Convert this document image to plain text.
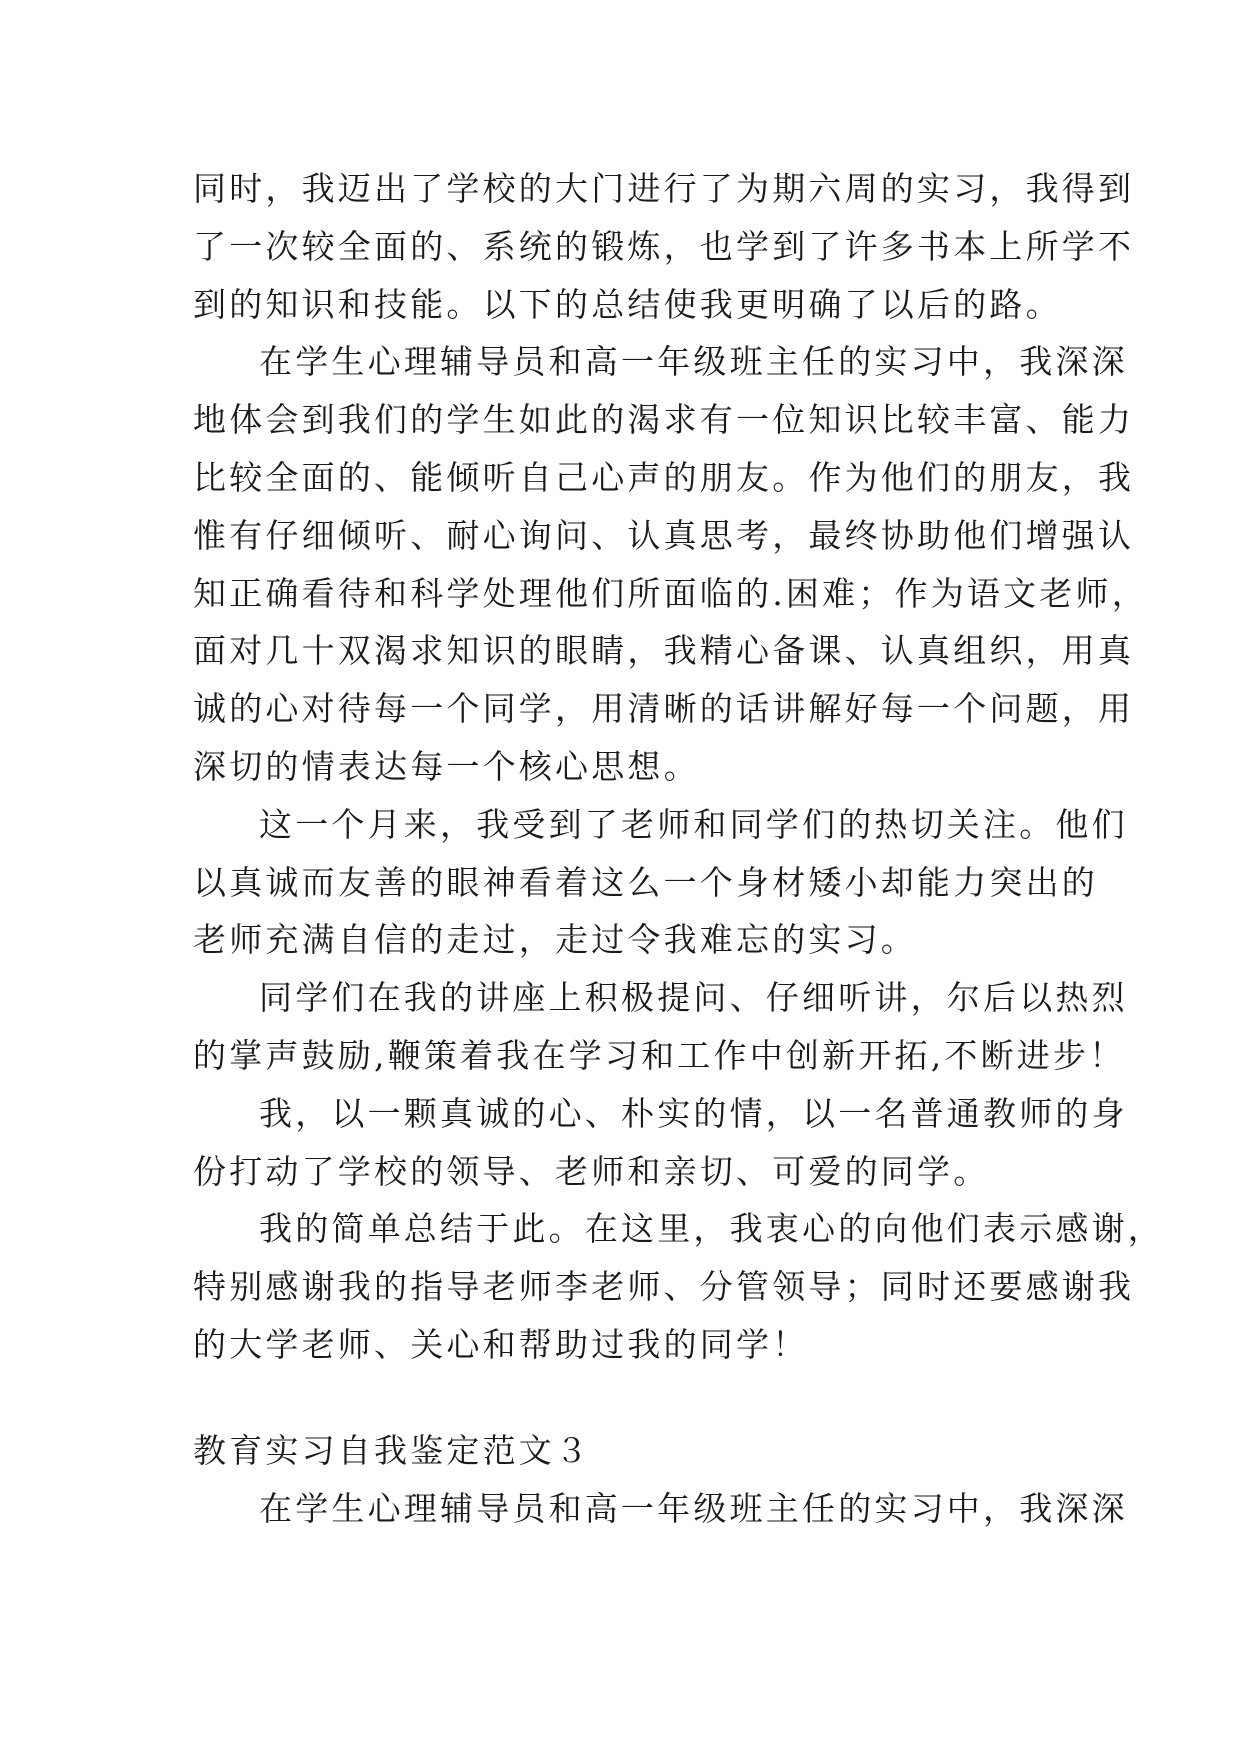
同时，我迈出了学校的大门进行了为期六周的实习，我得到
了一次较全面的、系统的锻炼，也学到了许多书本上所学不
到的知识和技能。以下的总结使我更明确了以后的路。
在学生心理辅导员和高一年级班主任的实习中，我深深
地体会到我们的学生如此的渴求有一位知识比较丰富、能力
比较全面的、能倾听自己心声的朋友。作为他们的朋友，我
惟有仔细倾听、耐心询问、认真思考，最终协助他们增强认
知正确看待和科学处理他们所面临的.困难；作为语文老师，
面对几十双渴求知识的眼睛，我精心备课、认真组织，用真
诚的心对待每一个同学，用清晰的话讲解好每一个问题，用
深切的情表达每一个核心思想。
这一个月来，我受到了老师和同学们的热切关注。他们
以真诚而友善的眼神看着这么一个身材矮小却能力突出的
老师充满自信的走过，走过令我难忘的实习。
同学们在我的讲座上积极提问、仔细听讲，尔后以热烈
的掌声鼓励,鞭策着我在学习和工作中创新开拓,不断进步！
我，以一颗真诚的心、朴实的情，以一名普通教师的身
份打动了学校的领导、老师和亲切、可爱的同学。
我的简单总结于此。在这里，我衷心的向他们表示感谢，
特别感谢我的指导老师李老师、分管领导；同时还要感谢我
的大学老师、关心和帮助过我的同学！
教育实习自我鉴定范文３
在学生心理辅导员和高一年级班主任的实习中，我深深
